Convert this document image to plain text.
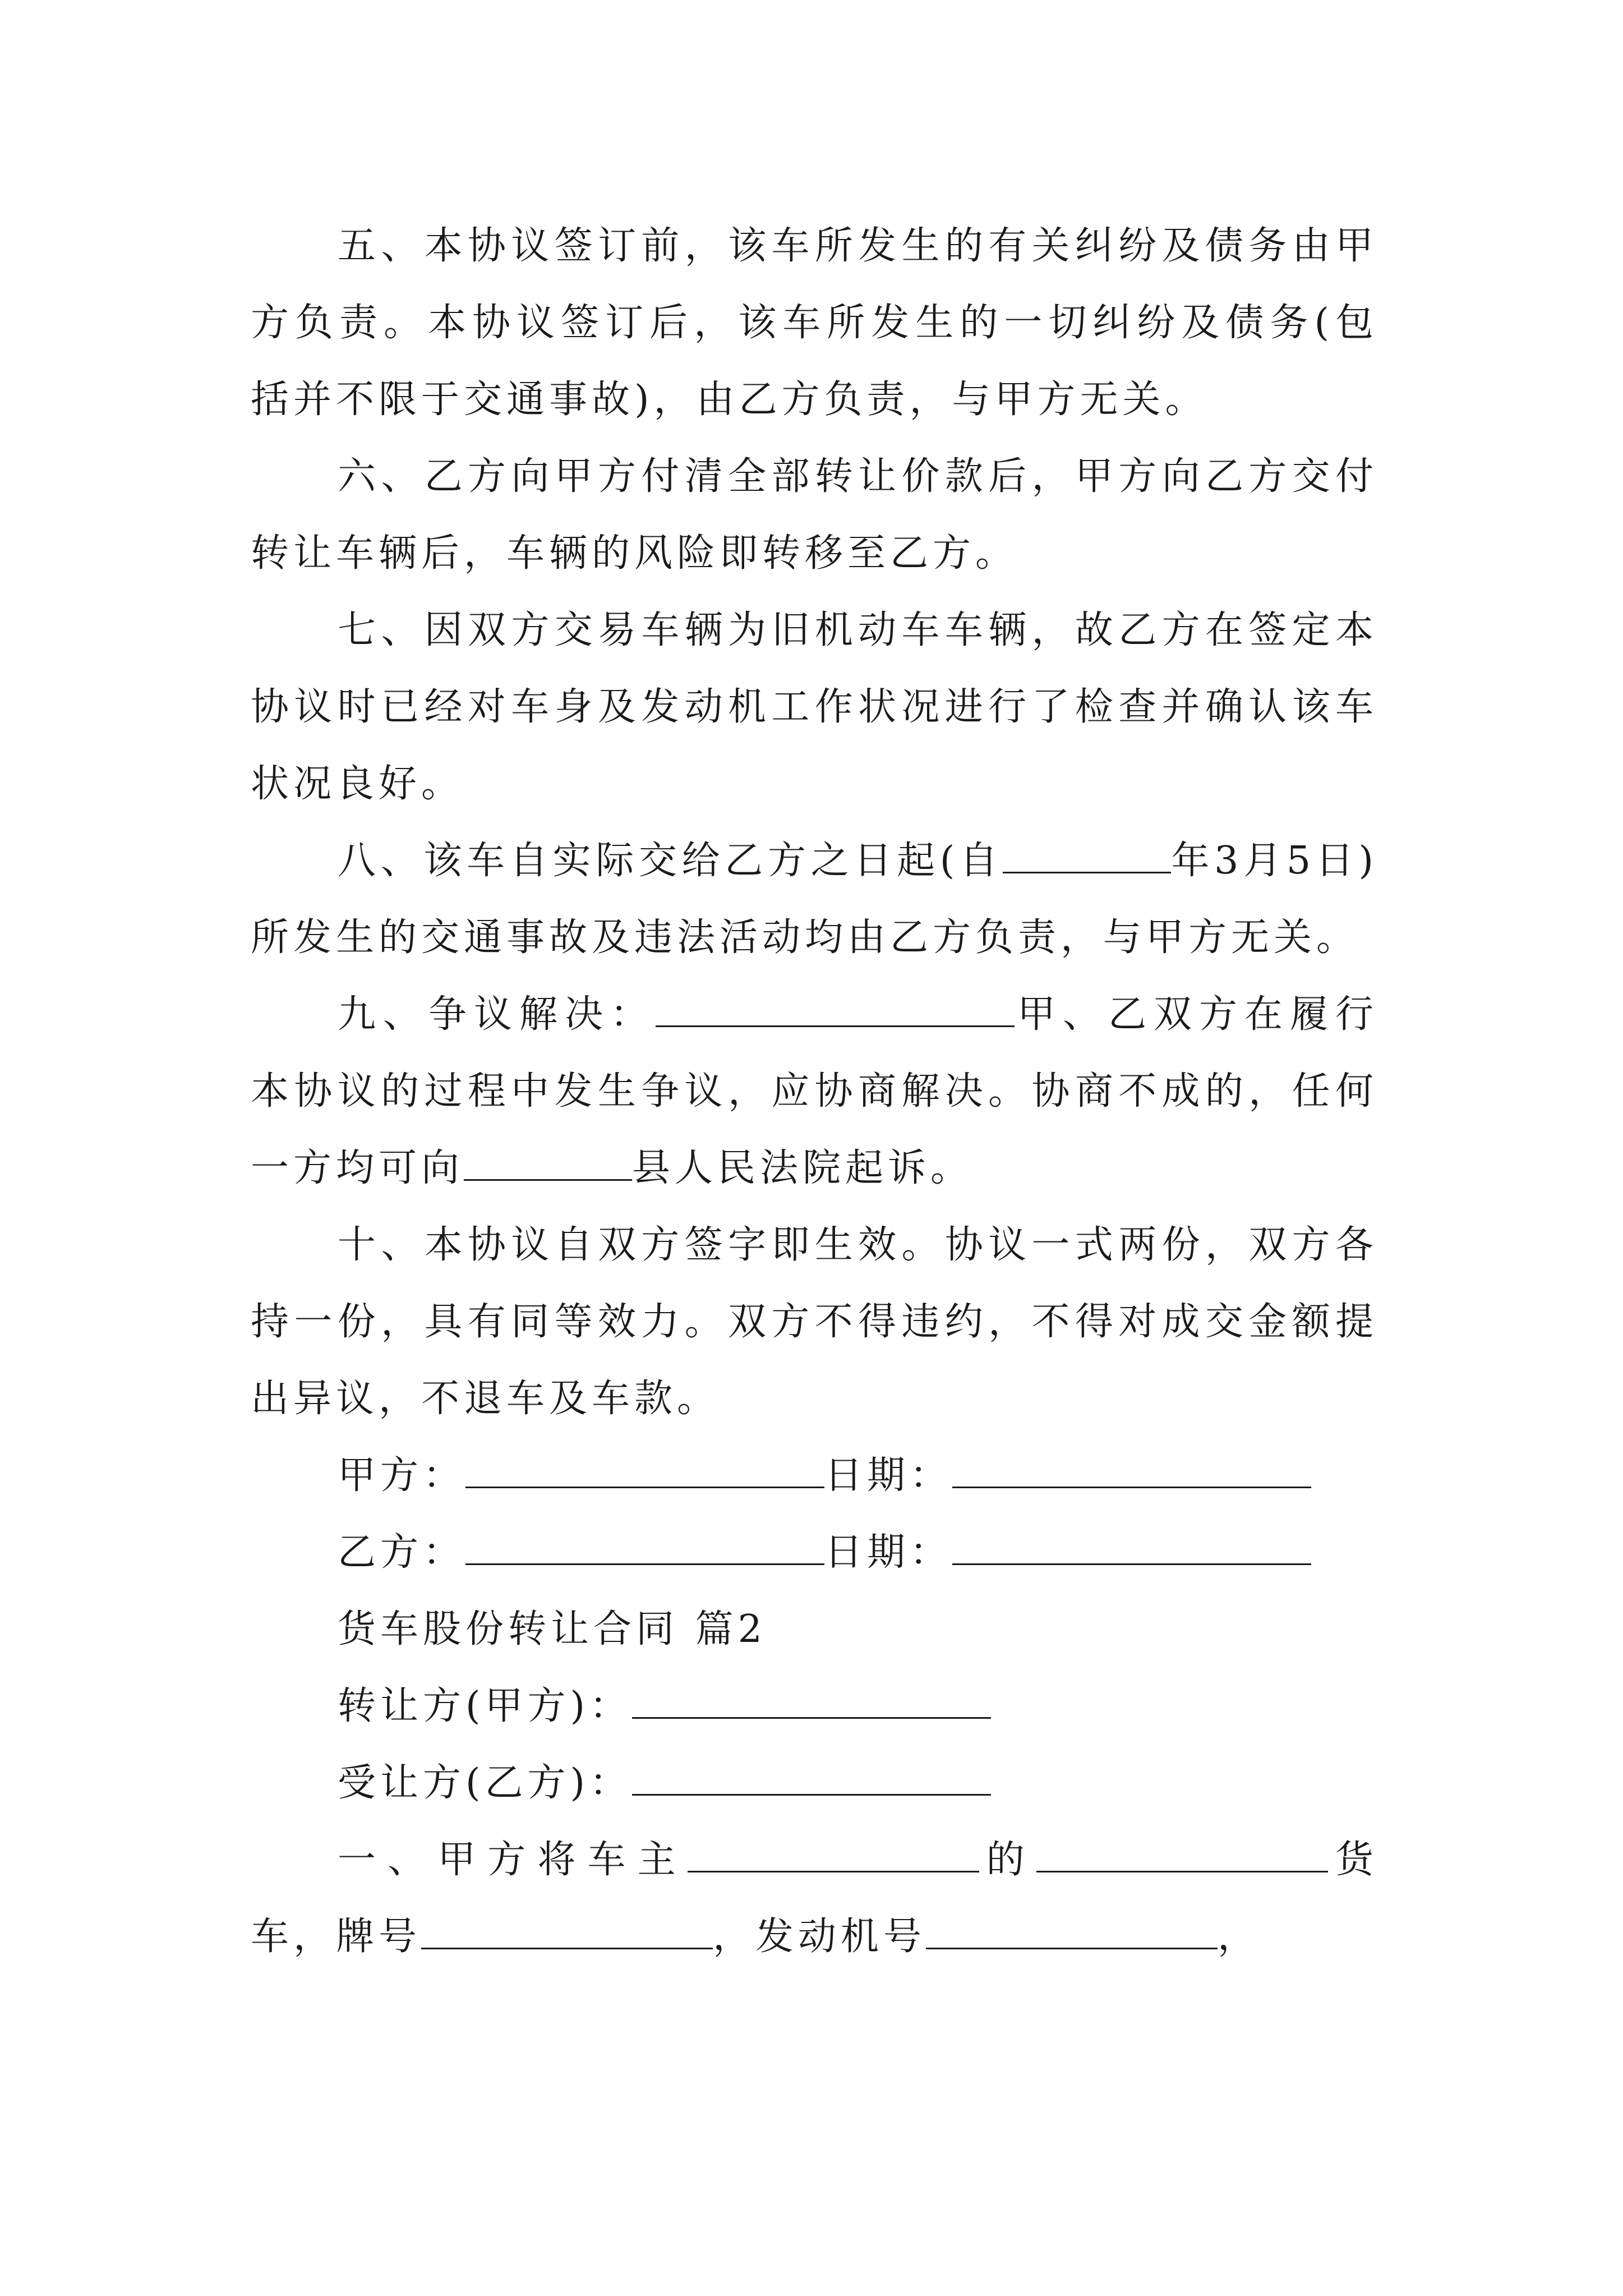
五、本协议签订前，该车所发生的有关纠纷及债务由甲方负责。本协议签订后，该车所发生的一切纠纷及债务(包括并不限于交通事故)，由乙方负责，与甲方无关。

六、乙方向甲方付清全部转让价款后，甲方向乙方交付转让车辆后，车辆的风险即转移至乙方。

七、因双方交易车辆为旧机动车车辆，故乙方在签定本协议时已经对车身及发动机工作状况进行了检查并确认该车状况良好。

八、该车自实际交给乙方之日起(自	年3月5日)所发生的交通事故及违法活动均由乙方负责，与甲方无关。

九、争议解决：	甲、乙双方在履行本协议的过程中发生争议，应协商解决。协商不成的，任何一方均可向	县人民法院起诉。

十、本协议自双方签字即生效。协议一式两份，双方各持一份，具有同等效力。双方不得违约，不得对成交金额提出异议，不退车及车款。

甲方：	日期：

乙方：	日期：

货车股份转让合同 篇2

转让方(甲方)：

受让方(乙方)：

一、甲方将车主	的	货车，牌号	，发动机号	，
